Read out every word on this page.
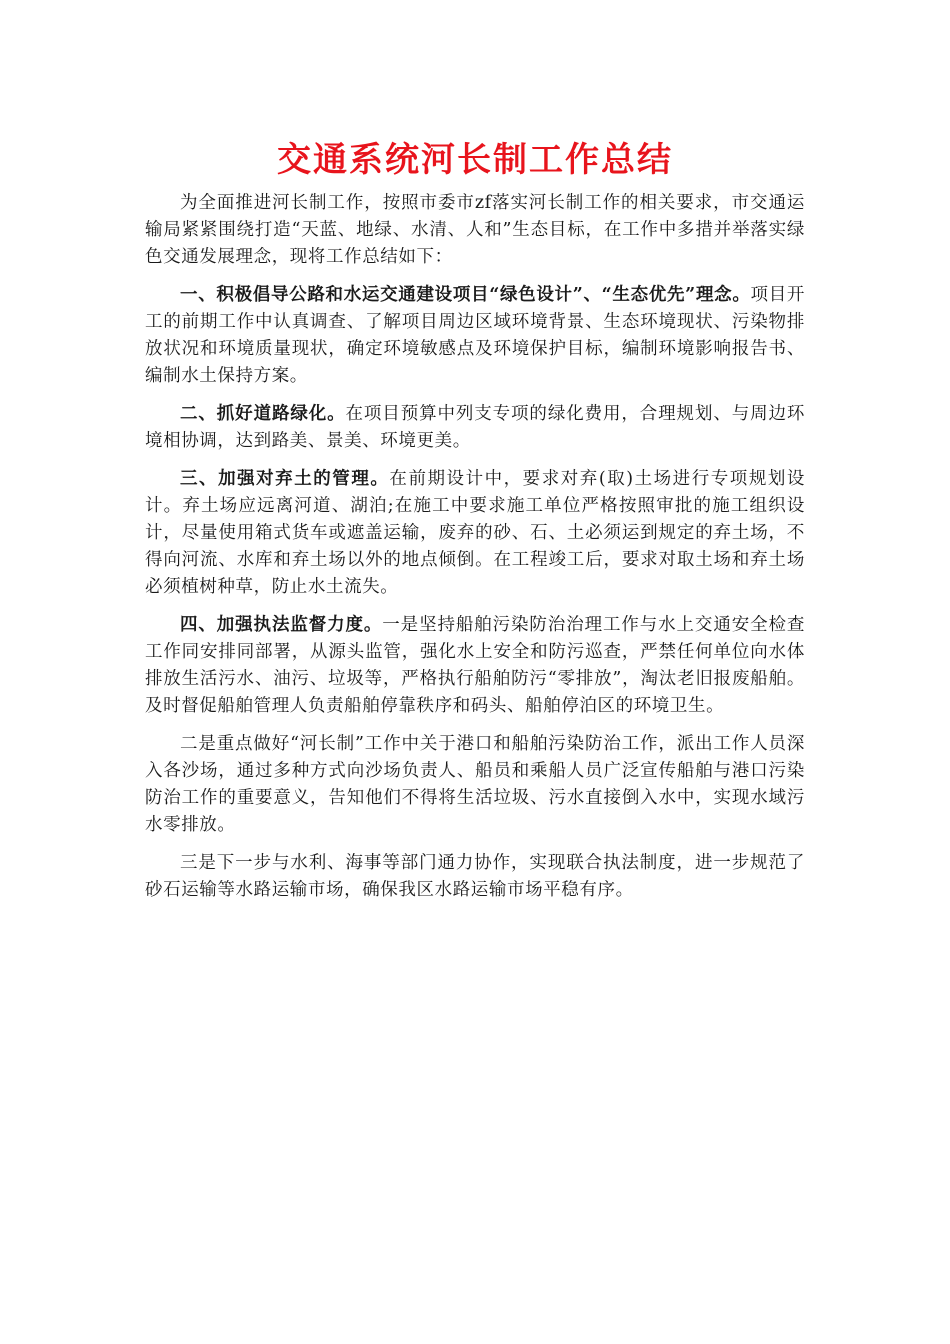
交通系统河长制工作总结

为全面推进河长制工作，按照市委市zf落实河长制工作的相关要求，市交通运输局紧紧围绕打造“天蓝、地绿、水清、人和”生态目标，在工作中多措并举落实绿色交通发展理念，现将工作总结如下：

一、积极倡导公路和水运交通建设项目“绿色设计”、“生态优先”理念。项目开工的前期工作中认真调查、了解项目周边区域环境背景、生态环境现状、污染物排放状况和环境质量现状，确定环境敏感点及环境保护目标，编制环境影响报告书、编制水土保持方案。

二、抓好道路绿化。在项目预算中列支专项的绿化费用，合理规划、与周边环境相协调，达到路美、景美、环境更美。

三、加强对弃土的管理。在前期设计中，要求对弃(取)土场进行专项规划设计。弃土场应远离河道、湖泊;在施工中要求施工单位严格按照审批的施工组织设计，尽量使用箱式货车或遮盖运输，废弃的砂、石、土必须运到规定的弃土场，不得向河流、水库和弃土场以外的地点倾倒。在工程竣工后，要求对取土场和弃土场必须植树种草，防止水土流失。

四、加强执法监督力度。一是坚持船舶污染防治治理工作与水上交通安全检查工作同安排同部署，从源头监管，强化水上安全和防污巡查，严禁任何单位向水体排放生活污水、油污、垃圾等，严格执行船舶防污“零排放”，淘汰老旧报废船舶。及时督促船舶管理人负责船舶停靠秩序和码头、船舶停泊区的环境卫生。

二是重点做好“河长制”工作中关于港口和船舶污染防治工作，派出工作人员深入各沙场，通过多种方式向沙场负责人、船员和乘船人员广泛宣传船舶与港口污染防治工作的重要意义，告知他们不得将生活垃圾、污水直接倒入水中，实现水域污水零排放。

三是下一步与水利、海事等部门通力协作，实现联合执法制度，进一步规范了砂石运输等水路运输市场，确保我区水路运输市场平稳有序。
